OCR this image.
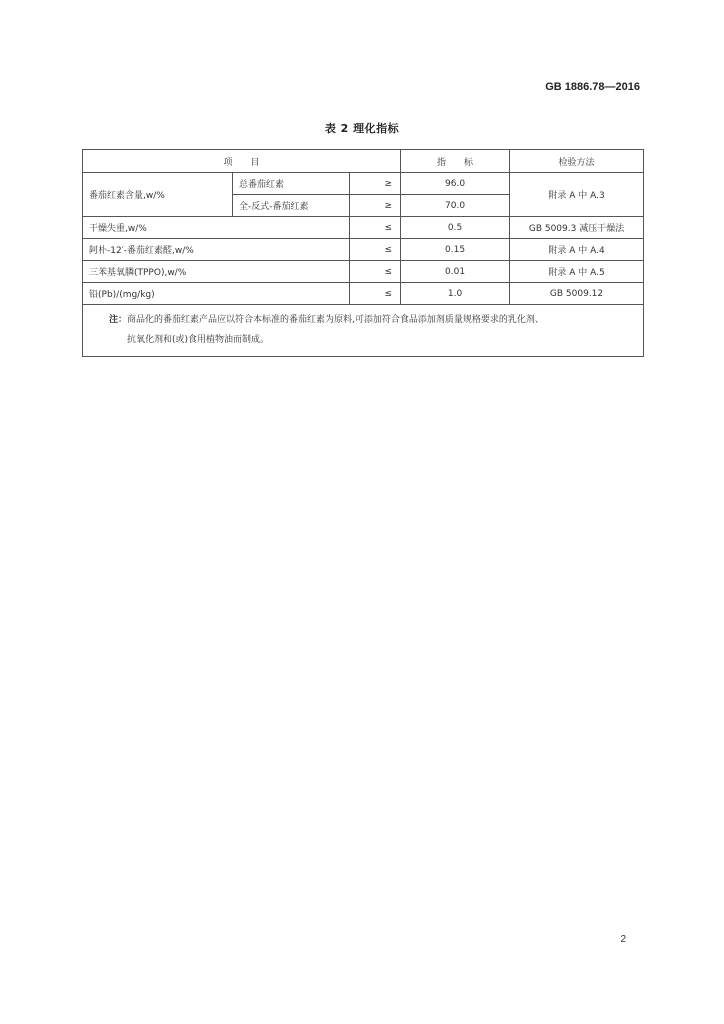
GB 1886.78—2016
表 2 理化指标
项　　目			指　　标	检验方法
番茄红素含量,w/%	总番茄红素	≥	96.0	附录 A 中 A.3
	全-反式-番茄红素	≥	70.0	
干燥失重,w/%		≤	0.5	GB 5009.3 减压干燥法
阿朴-12′-番茄红素醛,w/%		≤	0.15	附录 A 中 A.4
三苯基氧膦(TPPO),w/%		≤	0.01	附录 A 中 A.5
铅(Pb)/(mg/kg)		≤	1.0	GB 5009.12
注：商品化的番茄红素产品应以符合本标准的番茄红素为原料,可添加符合食品添加剂质量规格要求的乳化剂、
抗氧化剂和(或)食用植物油而制成。				
2
